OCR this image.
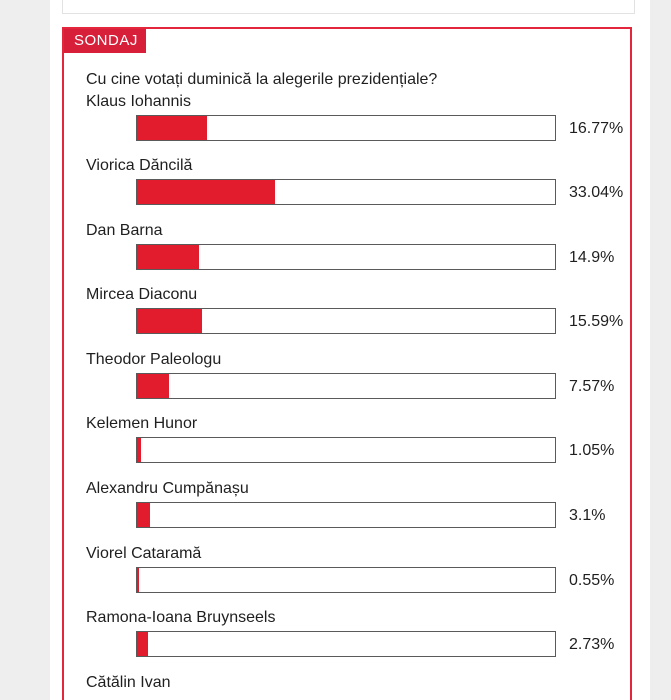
SONDAJ
Cu cine votați duminică la alegerile prezidențiale?
Klaus Iohannis
16.77%
Viorica Dăncilă
33.04%
Dan Barna
14.9%
Mircea Diaconu
15.59%
Theodor Paleologu
7.57%
Kelemen Hunor
1.05%
Alexandru Cumpănașu
3.1%
Viorel Cataramă
0.55%
Ramona-Ioana Bruynseels
2.73%
Cătălin Ivan
